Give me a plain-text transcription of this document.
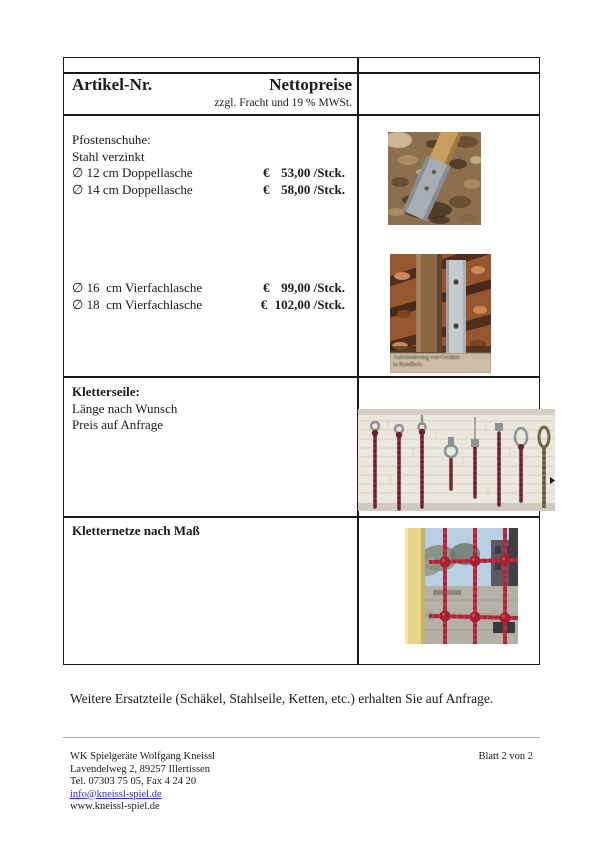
Artikel-Nr.	Nettopreise
zzgl. Fracht und 19 % MWSt.
Pfostenschuhe:
Stahl verzinkt
∅ 12 cm Doppellasche	€ 53,00 /Stck.
∅ 14 cm Doppellasche	€ 58,00 /Stck.
∅ 16  cm Vierfachlasche	€ 99,00 /Stck.
∅ 18  cm Vierfachlasche	€ 102,00 /Stck.
Aufständerung von Geräten
in Rundholz
Kletterseile:
Länge nach Wunsch
Preis auf Anfrage
Kletternetze nach Maß
Weitere Ersatzteile (Schäkel, Stahlseile, Ketten, etc.) erhalten Sie auf Anfrage.
WK Spielgeräte Wolfgang Kneissl
Lavendelweg 2, 89257 Illertissen
Tel. 07303 75 05, Fax 4 24 20
info@kneissl-spiel.de
www.kneissl-spiel.de
Blatt 2 von 2
